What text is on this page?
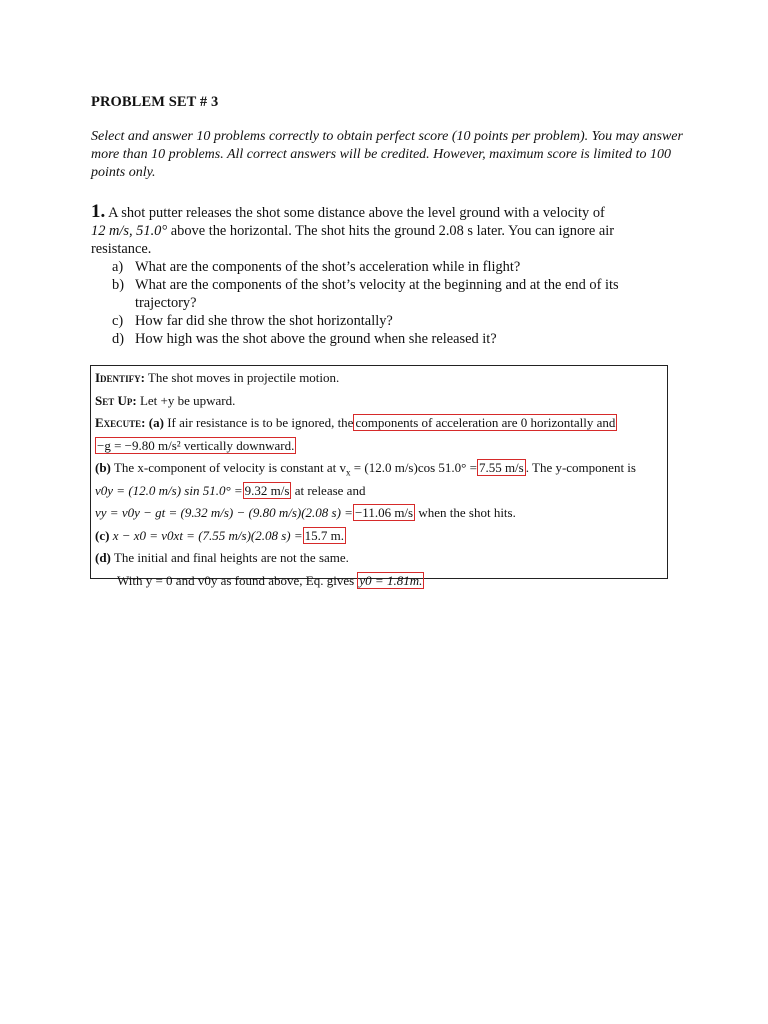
PROBLEM SET # 3
Select and answer 10 problems correctly to obtain perfect score (10 points per problem). You may answer more than 10 problems. All correct answers will be credited. However, maximum score is limited to 100 points only.
1. A shot putter releases the shot some distance above the level ground with a velocity of
12 m/s, 51.0° above the horizontal. The shot hits the ground 2.08 s later. You can ignore air resistance.
a) What are the components of the shot’s acceleration while in flight?
b) What are the components of the shot’s velocity at the beginning and at the end of its trajectory?
c) How far did she throw the shot horizontally?
d) How high was the shot above the ground when she released it?
Identify: The shot moves in projectile motion.
Set Up: Let +y be upward.
Execute: (a) If air resistance is to be ignored, the components of acceleration are 0 horizontally and
−g = −9.80 m/s² vertically downward.
(b) The x-component of velocity is constant at $v_x = (12.0$ m/s)cos 51.0° = 7.55 m/s . The y-component is
v0y = (12.0 m/s) sin 51.0° = 9.32 m/s at release and
vy = v0y − gt = (9.32 m/s) − (9.80 m/s)(2.08 s) = −11.06 m/s when the shot hits.
(c) x − x0 = v0xt = (7.55 m/s)(2.08 s) = 15.7 m.
(d) The initial and final heights are not the same.
With y = 0 and v0y as found above, Eq. gives y0 = 1.81m.
